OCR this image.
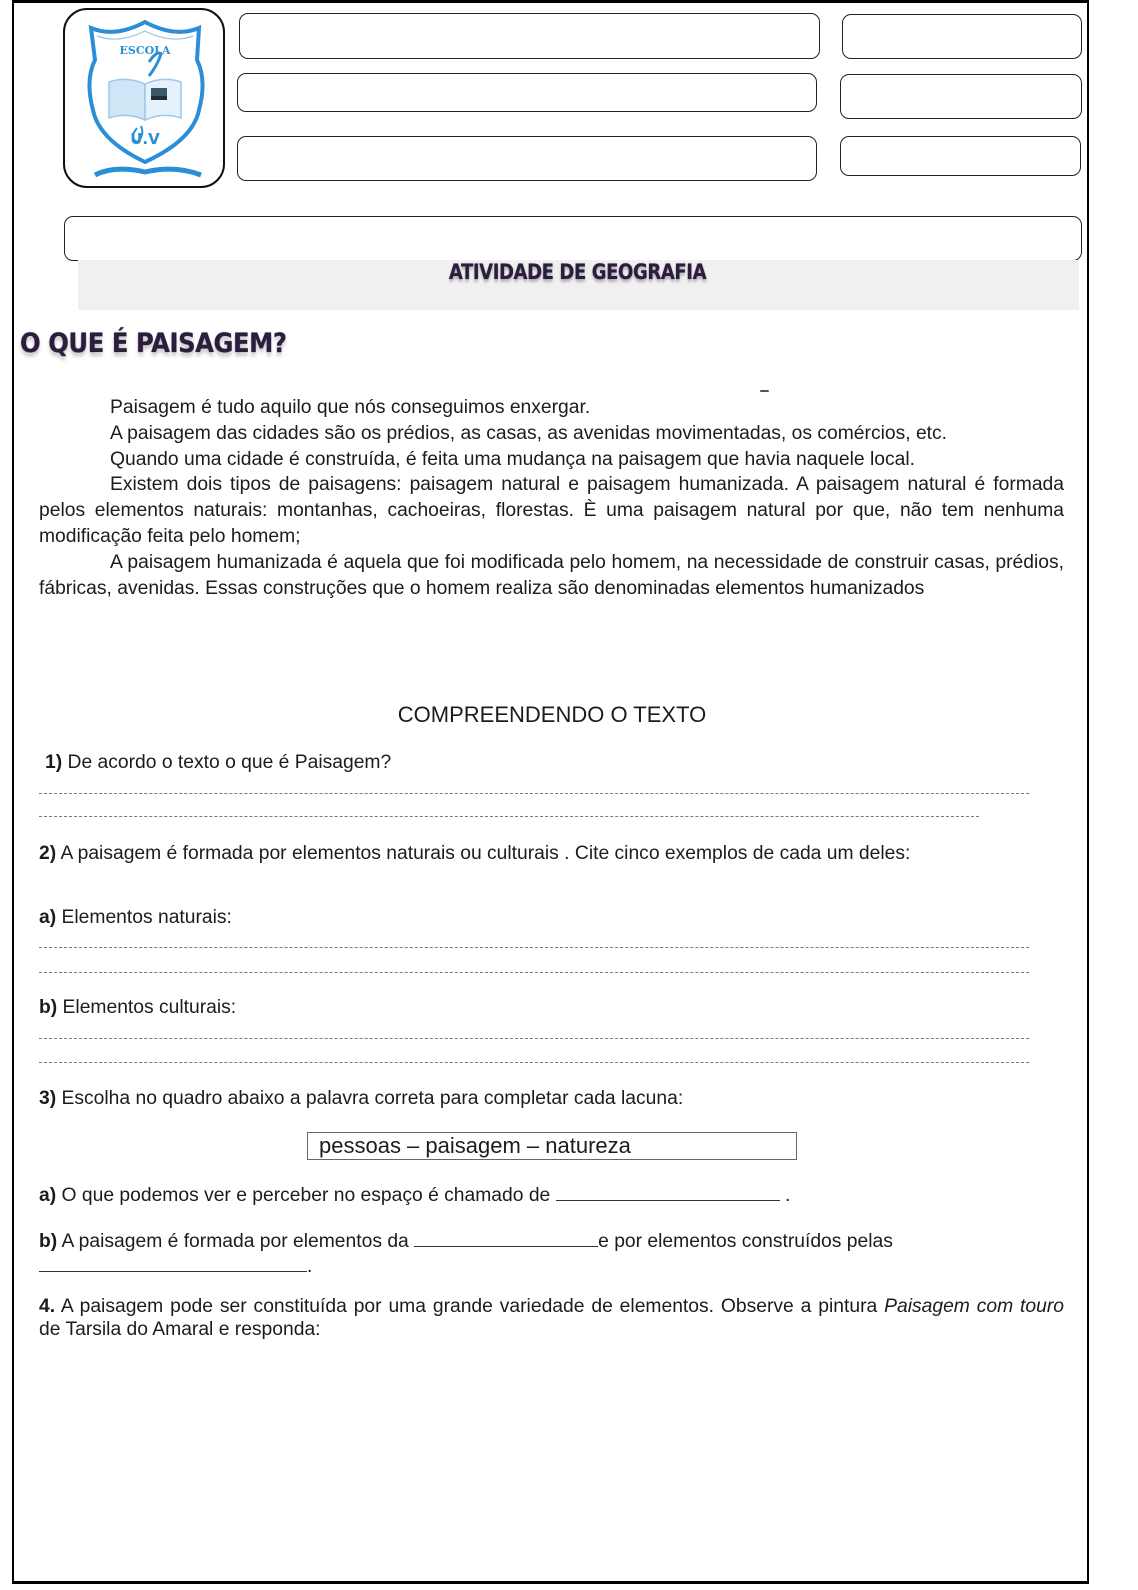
ESCOLA
U.V
ATIVIDADE DE GEOGRAFIA
O QUE É PAISAGEM?

Paisagem é tudo aquilo que nós conseguimos enxergar.

A paisagem das cidades são os prédios, as casas, as avenidas movimentadas, os comércios, etc.

Quando uma cidade é construída, é feita uma mudança na paisagem que havia naquele local.

Existem dois tipos de paisagens: paisagem natural e paisagem humanizada. A paisagem natural é formada pelos elementos naturais: montanhas, cachoeiras, florestas. È uma paisagem natural por que, não tem nenhuma modificação feita pelo homem;

A paisagem humanizada é aquela que foi modificada pelo homem, na necessidade de construir casas, prédios, fábricas, avenidas. Essas construções que o homem realiza são denominadas elementos humanizados

COMPREENDENDO O TEXTO
1) De acordo o texto o que é Paisagem?
2) A paisagem é formada por elementos naturais ou culturais . Cite cinco exemplos de cada um deles:
a) Elementos naturais:
b) Elementos culturais:
3) Escolha no quadro abaixo a palavra correta para completar cada lacuna:
pessoas – paisagem – natureza
a) O que podemos ver e perceber no espaço é chamado de	.
b) A paisagem é formada por elementos da	e por elementos construídos pelas
.
4. A paisagem pode ser constituída por uma grande variedade de elementos. Observe a pintura Paisagem com touro de Tarsila do Amaral e responda:
